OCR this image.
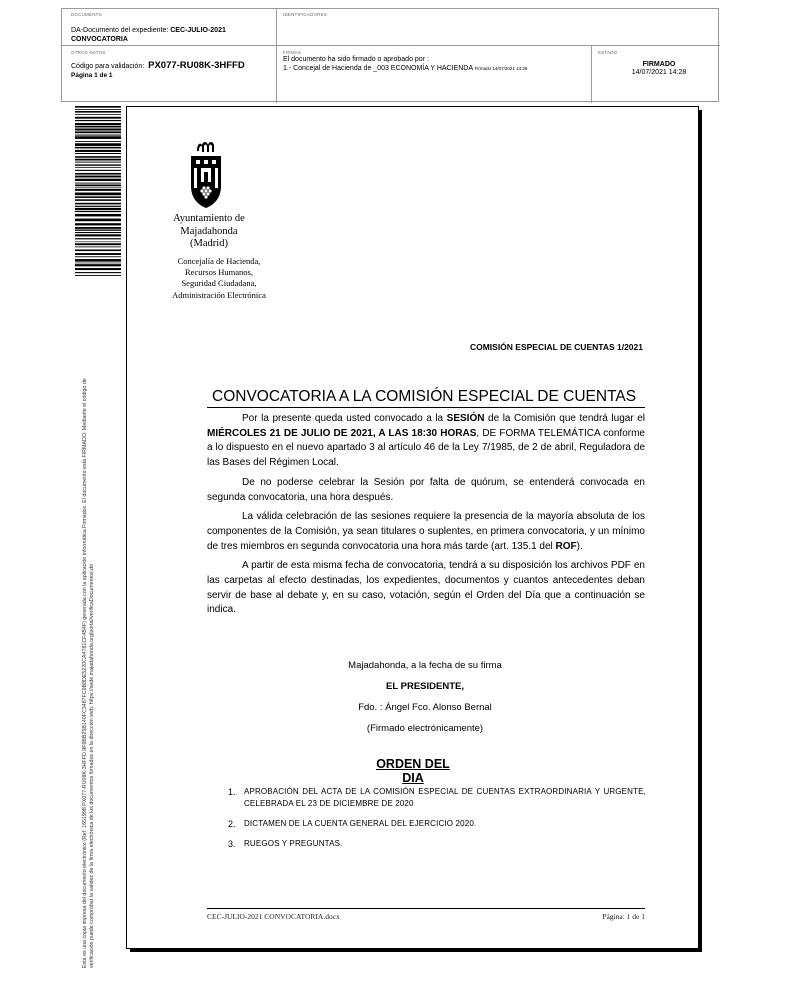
DOCUMENTO
DA-Documento del expediente: CEC-JULIO-2021
CONVOCATORIA
IDENTIFICADORES
OTROS DATOS
Código para validación: PX077-RU08K-3HFFD
Página 1 de 1
FIRMAS
El documento ha sido firmado o aprobado por :
1.- Concejal de Hacienda de _003 ECONOMÍA Y HACIENDA Firmado 14/07/2021 14:28
ESTADO
FIRMADO
14/07/2021 14:28
Esta es una copia impresa del documento electrónico (Ref: 1651998 PX077-RU08K-3HFFD 9F9BB25B140FC3487FC9B8DE5220CA4781CF4B4F) generada con la aplicación informática Firmadoc. El documento está FIRMADO. Mediante el código de verificación puede comprobar la validez de la firma electrónica de los documentos firmados en la dirección web: https://sede.majadahonda.org/portal/verificaDocumentos.do
Ayuntamiento de
Majadahonda
(Madrid)
Concejalía de Hacienda,
Recursos Humanos,
Seguridad Ciudadana,
Administración Electrónica
COMISIÓN ESPECIAL DE CUENTAS 1/2021
CONVOCATORIA A LA COMISIÓN ESPECIAL DE CUENTAS

Por la presente queda usted convocado a la SESIÓN de la Comisión que tendrá lugar el MIÉRCOLES 21 DE JULIO DE 2021, A LAS 18:30 HORAS, DE FORMA TELEMÁTICA conforme a lo dispuesto en el nuevo apartado 3 al artículo 46 de la Ley 7/1985, de 2 de abril, Reguladora de las Bases del Régimen Local.

De no poderse celebrar la Sesión por falta de quórum, se entenderá convocada en segunda convocatoria, una hora después.

La válida celebración de las sesiones requiere la presencia de la mayoría absoluta de los componentes de la Comisión, ya sean titulares o suplentes, en primera convocatoria, y un mínimo de tres miembros en segunda convocatoria una hora más tarde (art. 135.1 del ROF).

A partir de esta misma fecha de convocatoria, tendrá a su disposición los archivos PDF en las carpetas al efecto destinadas, los expedientes, documentos y cuantos antecedentes deban servir de base al debate y, en su caso, votación, según el Orden del Día que a continuación se indica.

Majadahonda, a la fecha de su firma
EL PRESIDENTE,
Fdo. : Ángel Fco. Alonso Bernal
(Firmado electrónicamente)
ORDEN DEL DIA
1. APROBACIÓN DEL ACTA DE LA COMISIÓN ESPECIAL DE CUENTAS EXTRAORDINARIA Y URGENTE, CELEBRADA EL 23 DE DICIEMBRE DE 2020
2. DICTAMEN DE LA CUENTA GENERAL DEL EJERCICIO 2020.
3. RUEGOS Y PREGUNTAS.
CEC-JULIO-2021 CONVOCATORIA.docx	Página: 1 de 1
